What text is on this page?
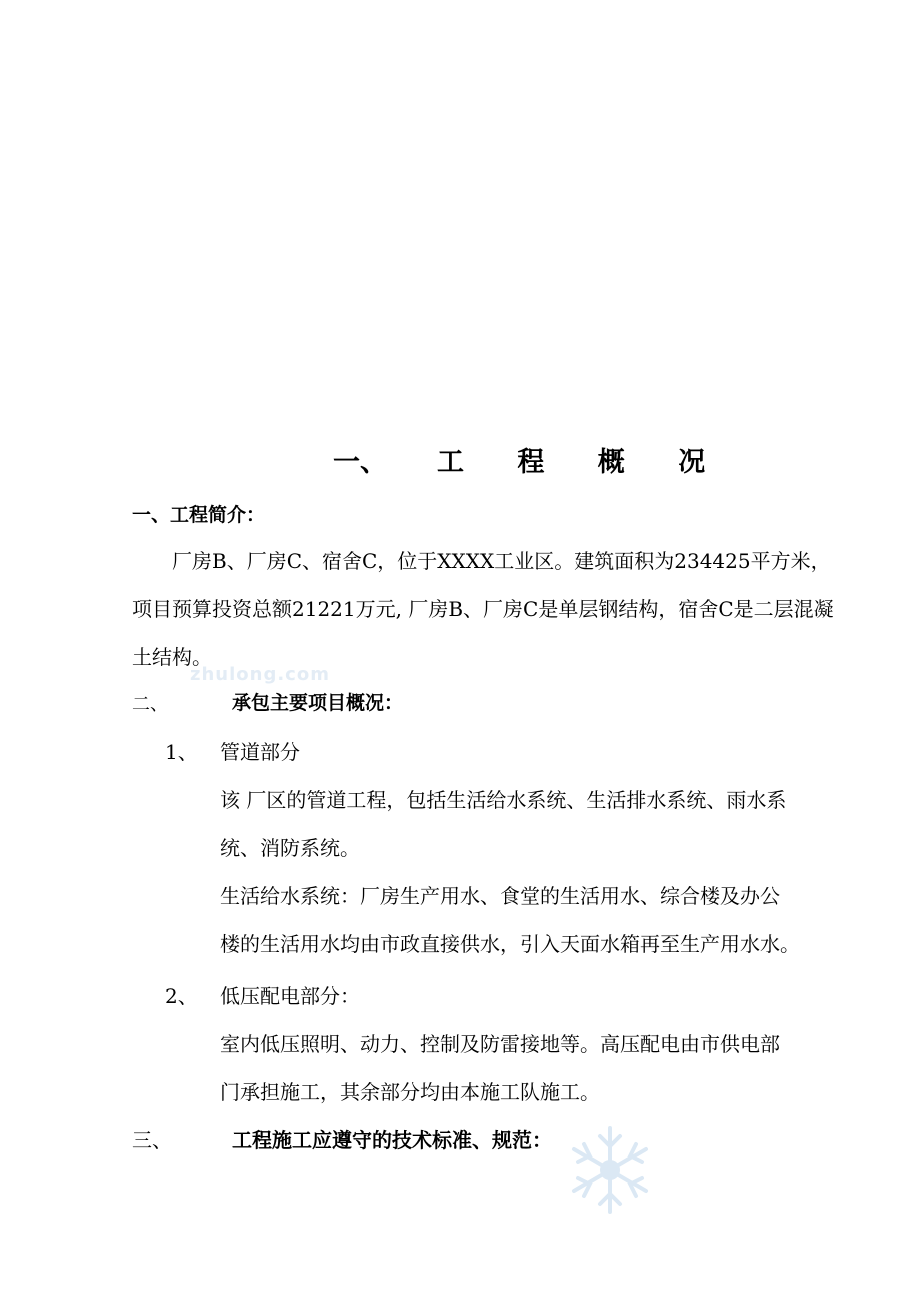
一、 工 程 概 况
一、工程简介：
厂房B、厂房C、宿舍C，位于XXXX工业区。建筑面积为234425平方米，项目预算投资总额21221万元, 厂房B、厂房C是单层钢结构，宿舍C是二层混凝土结构。
zhulong.com
二、	承包主要项目概况：
1、 管道部分
该 厂区的管道工程，包括生活给水系统、生活排水系统、雨水系
统、消防系统。
生活给水系统：厂房生产用水、食堂的生活用水、综合楼及办公
楼的生活用水均由市政直接供水，引入天面水箱再至生产用水水。
2、 低压配电部分：
室内低压照明、动力、控制及防雷接地等。高压配电由市供电部
门承担施工，其余部分均由本施工队施工。
三、	工程施工应遵守的技术标准、规范：
